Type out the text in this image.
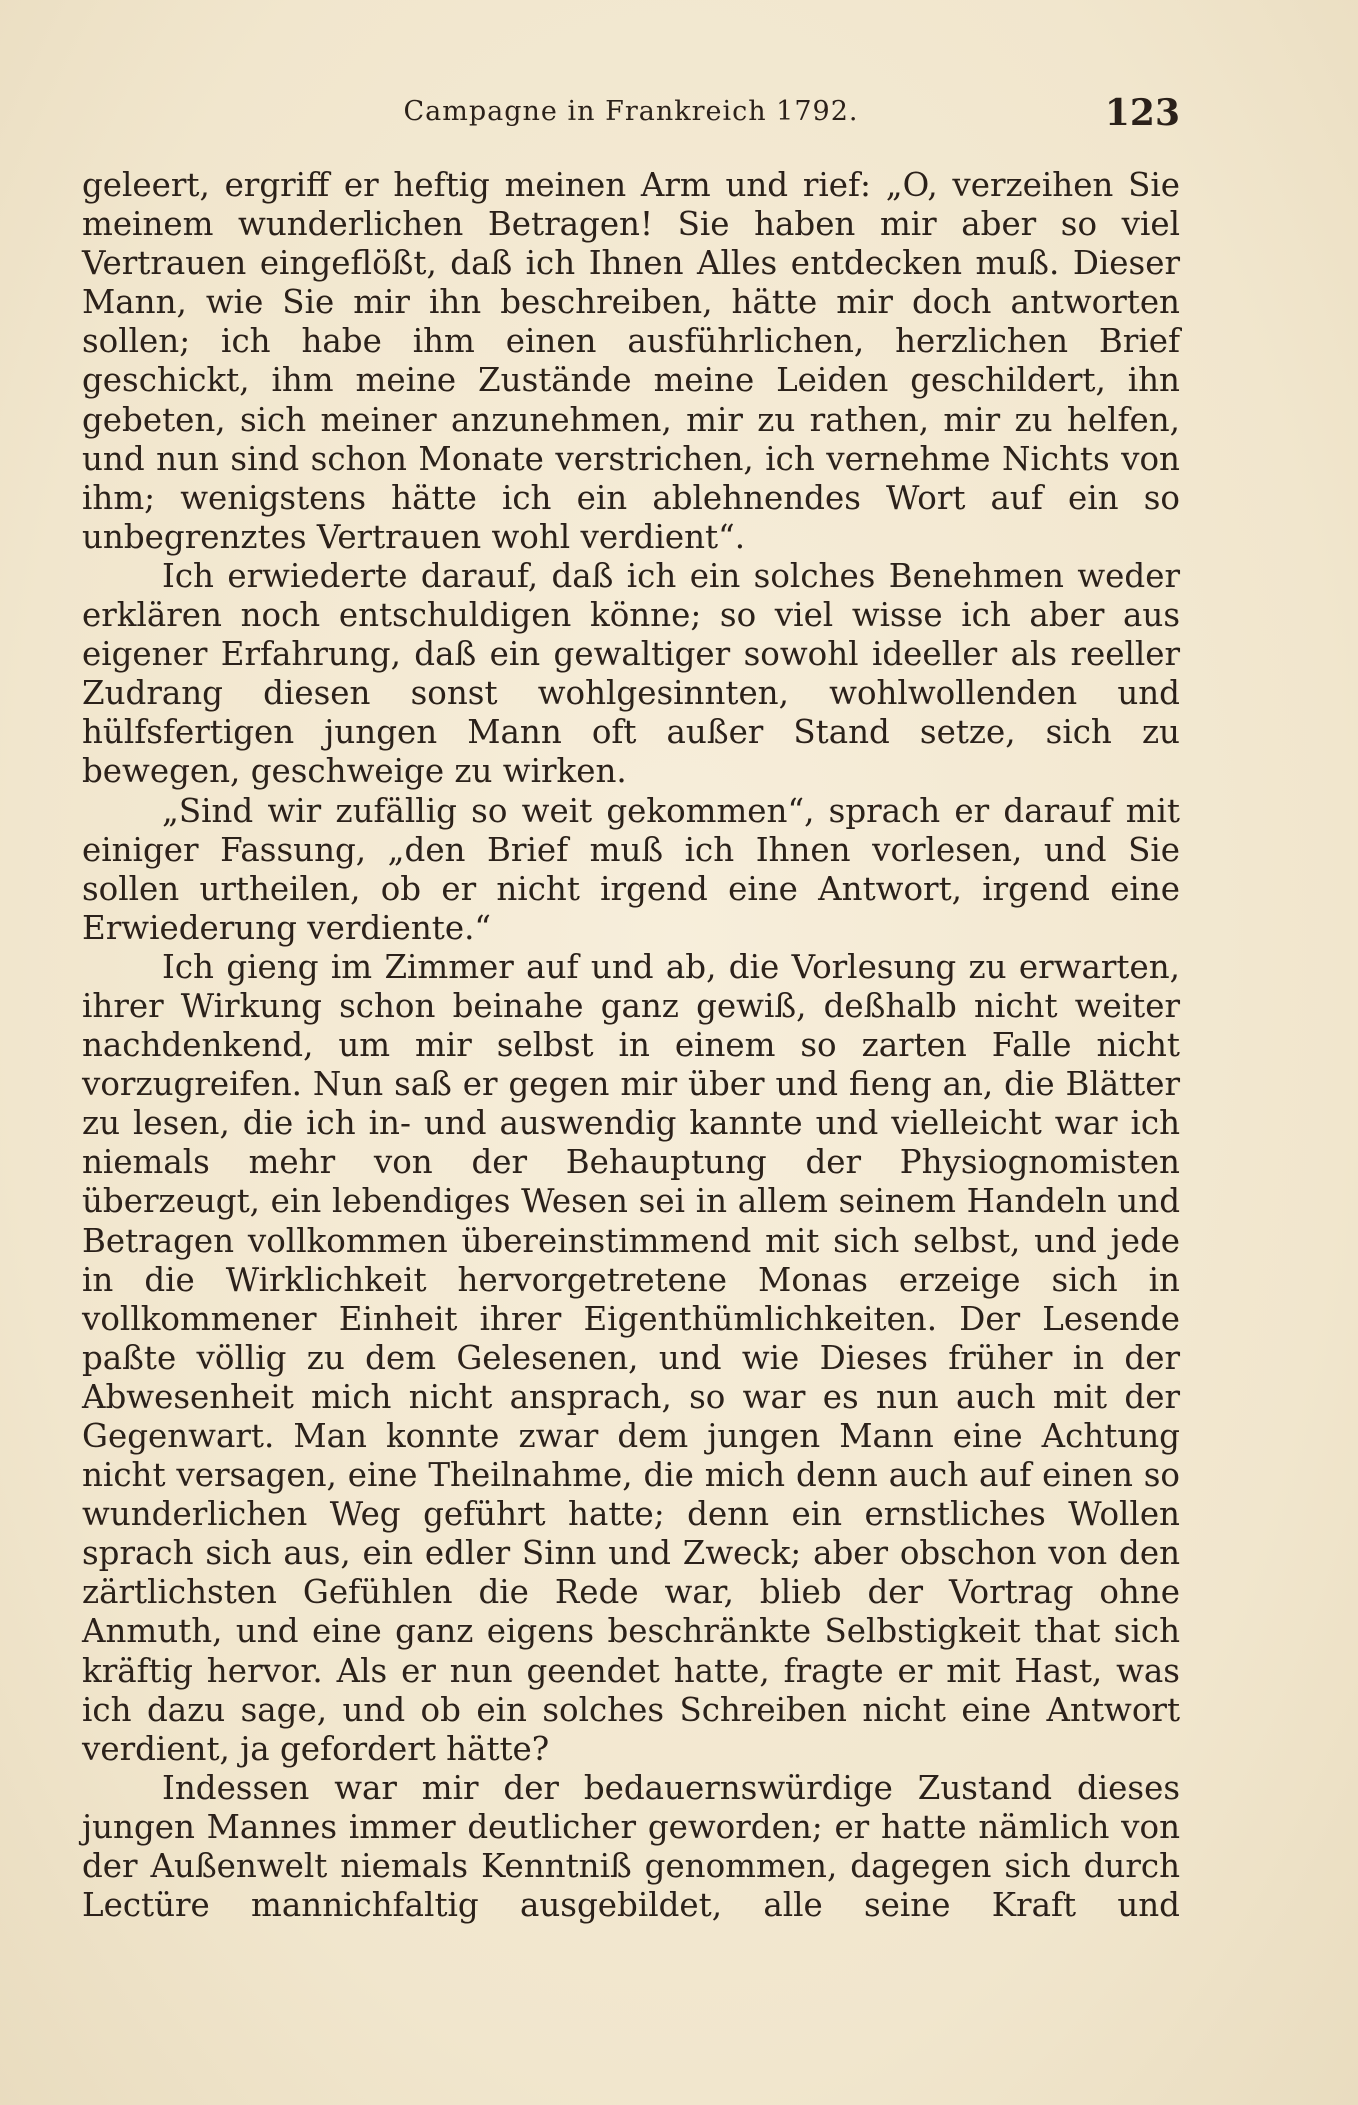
Campagne in Frankreich 1792.	123

geleert, ergriff er heftig meinen Arm und rief: „O, verzeihen Sie meinem wunderlichen Betragen! Sie haben mir aber so viel Vertrauen eingeflößt, daß ich Ihnen Alles entdecken muß. Dieser Mann, wie Sie mir ihn beschreiben, hätte mir doch antworten sollen; ich habe ihm einen ausführlichen, herzlichen Brief geschickt, ihm meine Zustände meine Leiden geschildert, ihn gebeten, sich meiner anzunehmen, mir zu rathen, mir zu helfen, und nun sind schon Monate verstrichen, ich vernehme Nichts von ihm; wenigstens hätte ich ein ablehnendes Wort auf ein so unbegrenztes Vertrauen wohl verdient“.

Ich erwiederte darauf, daß ich ein solches Benehmen weder erklären noch entschuldigen könne; so viel wisse ich aber aus eigener Erfahrung, daß ein gewaltiger sowohl ideeller als reeller Zudrang diesen sonst wohlgesinnten, wohlwollenden und hülfsfertigen jungen Mann oft außer Stand setze, sich zu bewegen, geschweige zu wirken.

„Sind wir zufällig so weit gekommen“, sprach er darauf mit einiger Fassung, „den Brief muß ich Ihnen vorlesen, und Sie sollen urtheilen, ob er nicht irgend eine Antwort, irgend eine Erwiederung verdiente.“

Ich gieng im Zimmer auf und ab, die Vorlesung zu erwarten, ihrer Wirkung schon beinahe ganz gewiß, deßhalb nicht weiter nachdenkend, um mir selbst in einem so zarten Falle nicht vorzugreifen. Nun saß er gegen mir über und fieng an, die Blätter zu lesen, die ich in- und auswendig kannte und vielleicht war ich niemals mehr von der Behauptung der Physiognomisten überzeugt, ein lebendiges Wesen sei in allem seinem Handeln und Betragen vollkommen übereinstimmend mit sich selbst, und jede in die Wirklichkeit hervorgetretene Monas erzeige sich in vollkommener Einheit ihrer Eigenthümlichkeiten. Der Lesende paßte völlig zu dem Gelesenen, und wie Dieses früher in der Abwesenheit mich nicht ansprach, so war es nun auch mit der Gegenwart. Man konnte zwar dem jungen Mann eine Achtung nicht versagen, eine Theilnahme, die mich denn auch auf einen so wunderlichen Weg geführt hatte; denn ein ernstliches Wollen sprach sich aus, ein edler Sinn und Zweck; aber obschon von den zärtlichsten Gefühlen die Rede war, blieb der Vortrag ohne Anmuth, und eine ganz eigens beschränkte Selbstigkeit that sich kräftig hervor. Als er nun geendet hatte, fragte er mit Hast, was ich dazu sage, und ob ein solches Schreiben nicht eine Antwort verdient, ja gefordert hätte?

Indessen war mir der bedauernswürdige Zustand dieses jungen Mannes immer deutlicher geworden; er hatte nämlich von der Außenwelt niemals Kenntniß genommen, dagegen sich durch Lectüre mannichfaltig ausgebildet, alle seine Kraft und
